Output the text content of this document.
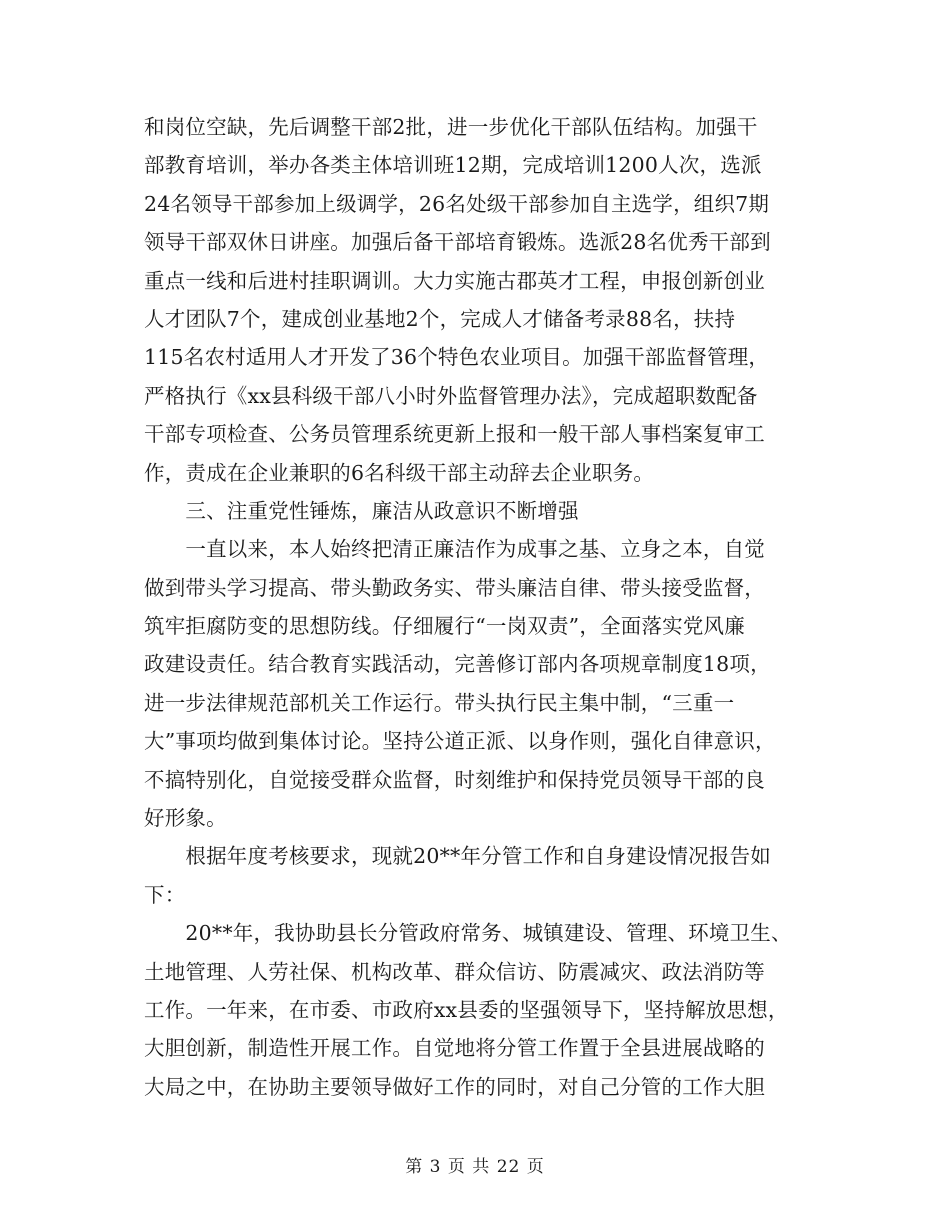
和岗位空缺，先后调整干部2批，进一步优化干部队伍结构。加强干
部教育培训，举办各类主体培训班12期，完成培训1200人次，选派
24名领导干部参加上级调学，26名处级干部参加自主选学，组织7期
领导干部双休日讲座。加强后备干部培育锻炼。选派28名优秀干部到
重点一线和后进村挂职调训。大力实施古郡英才工程，申报创新创业
人才团队7个，建成创业基地2个，完成人才储备考录88名，扶持
115名农村适用人才开发了36个特色农业项目。加强干部监督管理，
严格执行《xx县科级干部八小时外监督管理办法》，完成超职数配备
干部专项检查、公务员管理系统更新上报和一般干部人事档案复审工
作，责成在企业兼职的6名科级干部主动辞去企业职务。
　　三、注重党性锤炼，廉洁从政意识不断增强
　　一直以来，本人始终把清正廉洁作为成事之基、立身之本，自觉
做到带头学习提高、带头勤政务实、带头廉洁自律、带头接受监督，
筑牢拒腐防变的思想防线。仔细履行“一岗双责”，全面落实党风廉
政建设责任。结合教育实践活动，完善修订部内各项规章制度18项，
进一步法律规范部机关工作运行。带头执行民主集中制，“三重一
大”事项均做到集体讨论。坚持公道正派、以身作则，强化自律意识，
不搞特别化，自觉接受群众监督，时刻维护和保持党员领导干部的良
好形象。
　　根据年度考核要求，现就20**年分管工作和自身建设情况报告如
下：
　　20**年，我协助县长分管政府常务、城镇建设、管理、环境卫生、
土地管理、人劳社保、机构改革、群众信访、防震减灾、政法消防等
工作。一年来，在市委、市政府xx县委的坚强领导下，坚持解放思想，
大胆创新，制造性开展工作。自觉地将分管工作置于全县进展战略的
大局之中，在协助主要领导做好工作的同时，对自己分管的工作大胆
第 3 页 共 22 页
